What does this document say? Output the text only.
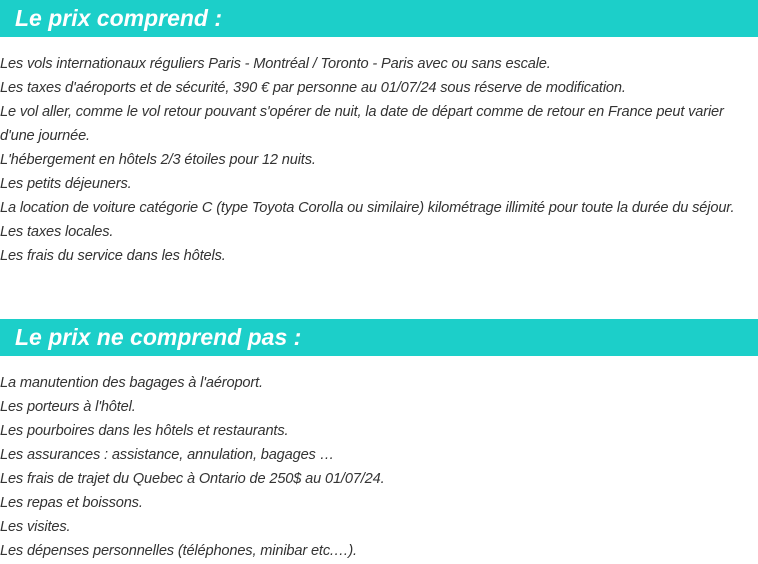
Le prix comprend :
Les vols internationaux réguliers Paris - Montréal / Toronto - Paris avec ou sans escale.
Les taxes d'aéroports et de sécurité, 390 € par personne au 01/07/24 sous réserve de modification.
Le vol aller, comme le vol retour pouvant s'opérer de nuit, la date de départ comme de retour en France peut varier d'une journée.
L'hébergement en hôtels 2/3 étoiles pour 12 nuits.
Les petits déjeuners.
La location de voiture catégorie C (type Toyota Corolla ou similaire) kilométrage illimité pour toute la durée du séjour.
Les taxes locales.
Les frais du service dans les hôtels.
Le prix ne comprend pas :
La manutention des bagages à l'aéroport.
Les porteurs à l'hôtel.
Les pourboires dans les hôtels et restaurants.
Les assurances : assistance, annulation, bagages …
Les frais de trajet du Quebec à Ontario de 250$ au 01/07/24.
Les repas et boissons.
Les visites.
Les dépenses personnelles (téléphones, minibar etc.…).
